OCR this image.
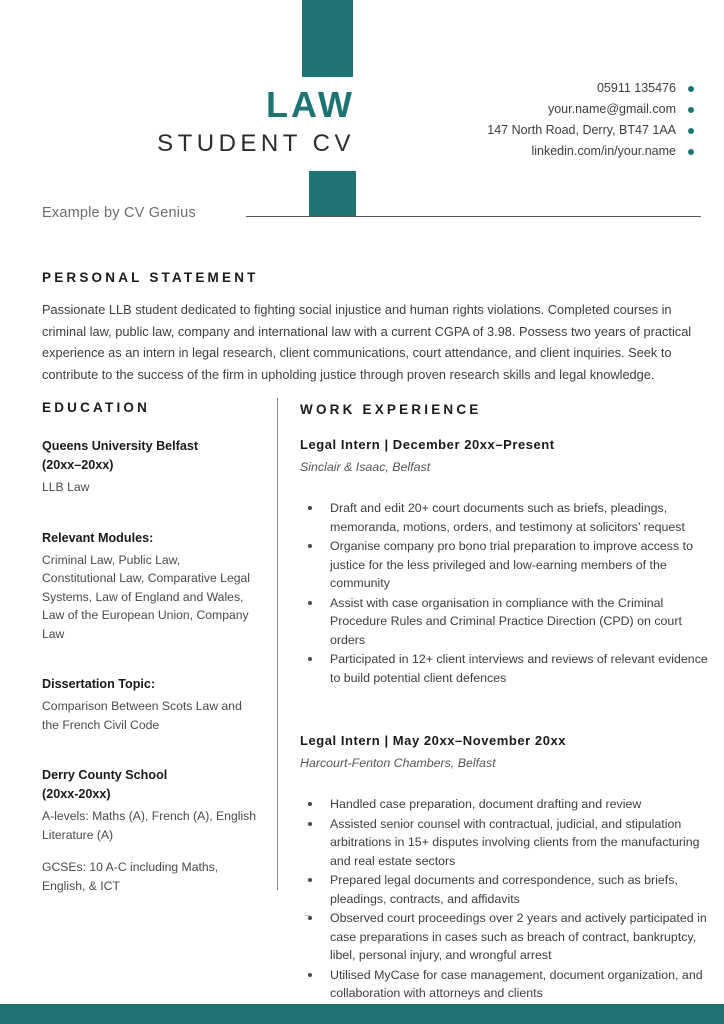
LAW
STUDENT CV
05911 135476
your.name@gmail.com
147 North Road, Derry, BT47 1AA
linkedin.com/in/your.name
Example by CV Genius
PERSONAL STATEMENT

Passionate LLB student dedicated to fighting social injustice and human rights violations. Completed courses in criminal law, public law, company and international law with a current CGPA of 3.98. Possess two years of practical experience as an intern in legal research, client communications, court attendance, and client inquiries. Seek to contribute to the success of the firm in upholding justice through proven research skills and legal knowledge.

EDUCATION
Queens University Belfast
(20xx–20xx)
LLB Law
Relevant Modules:
Criminal Law, Public Law, Constitutional Law, Comparative Legal Systems, Law of England and Wales, Law of the European Union, Company Law
Dissertation Topic:
Comparison Between Scots Law and the French Civil Code
Derry County School
(20xx-20xx)
A-levels: Maths (A), French (A), English Literature (A)
GCSEs: 10 A-C including Maths, English, & ICT
WORK EXPERIENCE
Legal Intern | December 20xx–Present
Sinclair & Isaac, Belfast
Draft and edit 20+ court documents such as briefs, pleadings, memoranda, motions, orders, and testimony at solicitors’ request
Organise company pro bono trial preparation to improve access to justice for the less privileged and low-earning members of the community
Assist with case organisation in compliance with the Criminal Procedure Rules and Criminal Practice Direction (CPD) on court orders
Participated in 12+ client interviews and reviews of relevant evidence to build potential client defences
Legal Intern | May 20xx–November 20xx
Harcourt-Fenton Chambers, Belfast
Handled case preparation, document drafting and review
Assisted senior counsel with contractual, judicial, and stipulation arbitrations in 15+ disputes involving clients from the manufacturing and real estate sectors
Prepared legal documents and correspondence, such as briefs, pleadings, contracts, and affidavits
Observed court proceedings over 2 years and actively participated in case preparations in cases such as breach of contract, bankruptcy, libel, personal injury, and wrongful arrest
Utilised MyCase for case management, document organization, and collaboration with attorneys and clients
